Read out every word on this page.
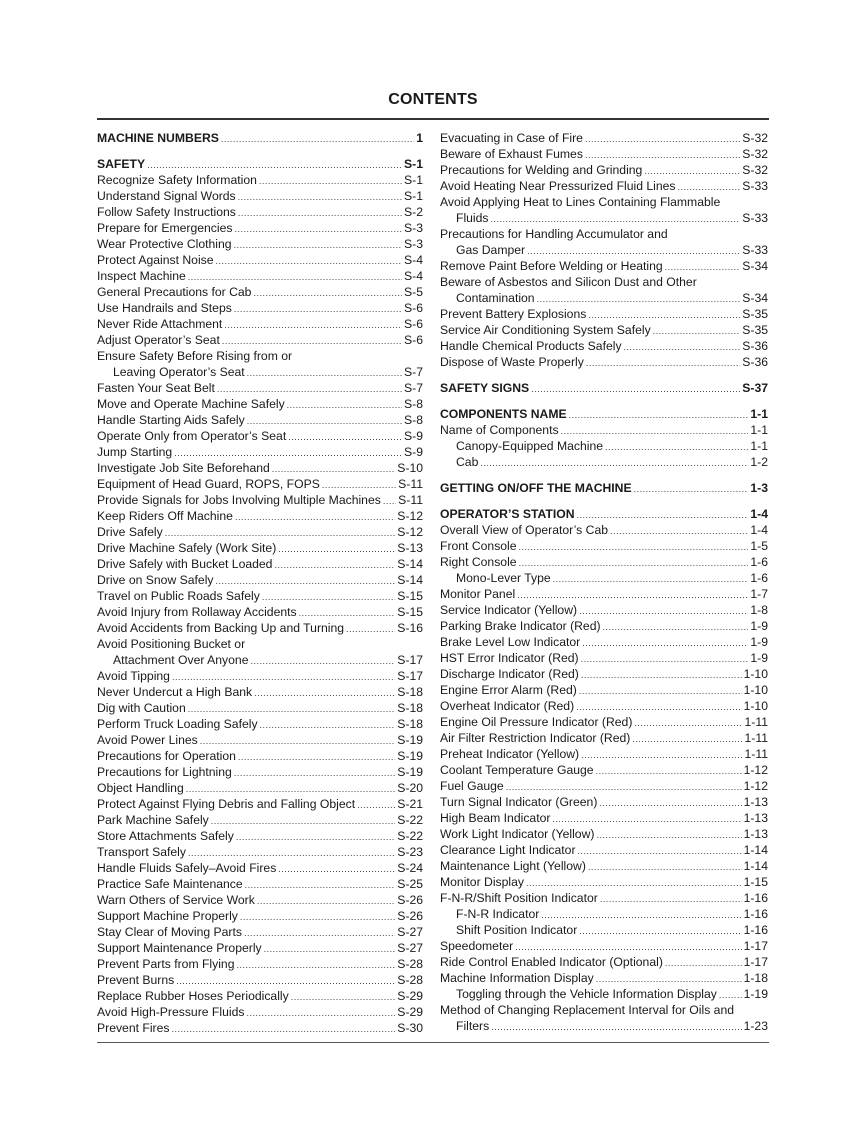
CONTENTS
MACHINE NUMBERS .....	1
SAFETY .....	S-1
Recognize Safety Information .....	S-1
Understand Signal Words .....	S-1
Follow Safety Instructions .....	S-2
Prepare for Emergencies .....	S-3
Wear Protective Clothing .....	S-3
Protect Against Noise .....	S-4
Inspect Machine .....	S-4
General Precautions for Cab .....	S-5
Use Handrails and Steps .....	S-6
Never Ride Attachment .....	S-6
Adjust Operator’s Seat .....	S-6
Ensure Safety Before Rising from or
Leaving Operator’s Seat .....	S-7
Fasten Your Seat Belt .....	S-7
Move and Operate Machine Safely .....	S-8
Handle Starting Aids Safely .....	S-8
Operate Only from Operator’s Seat .....	S-9
Jump Starting .....	S-9
Investigate Job Site Beforehand .....	S-10
Equipment of Head Guard, ROPS, FOPS .....	S-11
Provide Signals for Jobs Involving Multiple Machines ..... S-11
Keep Riders Off Machine .....	S-12
Drive Safely .....	S-12
Drive Machine Safely (Work Site) .....	S-13
Drive Safely with Bucket Loaded .....	S-14
Drive on Snow Safely .....	S-14
Travel on Public Roads Safely .....	S-15
Avoid Injury from Rollaway Accidents .....	S-15
Avoid Accidents from Backing Up and Turning .....	S-16
Avoid Positioning Bucket or
Attachment Over Anyone .....	S-17
Avoid Tipping .....	S-17
Never Undercut a High Bank .....	S-18
Dig with Caution .....	S-18
Perform Truck Loading Safely .....	S-18
Avoid Power Lines .....	S-19
Precautions for Operation .....	S-19
Precautions for Lightning .....	S-19
Object Handling .....	S-20
Protect Against Flying Debris and Falling Object .....	S-21
Park Machine Safely .....	S-22
Store Attachments Safely .....	S-22
Transport Safely .....	S-23
Handle Fluids Safely–Avoid Fires .....	S-24
Practice Safe Maintenance .....	S-25
Warn Others of Service Work .....	S-26
Support Machine Properly .....	S-26
Stay Clear of Moving Parts .....	S-27
Support Maintenance Properly .....	S-27
Prevent Parts from Flying .....	S-28
Prevent Burns .....	S-28
Replace Rubber Hoses Periodically .....	S-29
Avoid High-Pressure Fluids .....	S-29
Prevent Fires .....	S-30
Evacuating in Case of Fire .....	S-32
Beware of Exhaust Fumes .....	S-32
Precautions for Welding and Grinding .....	S-32
Avoid Heating Near Pressurized Fluid Lines .....	S-33
Avoid Applying Heat to Lines Containing Flammable
Fluids .....	S-33
Precautions for Handling Accumulator and
Gas Damper .....	S-33
Remove Paint Before Welding or Heating .....	S-34
Beware of Asbestos and Silicon Dust and Other
Contamination .....	S-34
Prevent Battery Explosions .....	S-35
Service Air Conditioning System Safely .....	S-35
Handle Chemical Products Safely .....	S-36
Dispose of Waste Properly .....	S-36
SAFETY SIGNS .....	S-37
COMPONENTS NAME .....	1-1
Name of Components .....	1-1
Canopy-Equipped Machine .....	1-1
Cab .....	1-2
GETTING ON/OFF THE MACHINE .....	1-3
OPERATOR’S STATION .....	1-4
Overall View of Operator’s Cab .....	1-4
Front Console .....	1-5
Right Console .....	1-6
Mono-Lever Type .....	1-6
Monitor Panel .....	1-7
Service Indicator (Yellow) .....	1-8
Parking Brake Indicator (Red) .....	1-9
Brake Level Low Indicator .....	1-9
HST Error Indicator (Red) .....	1-9
Discharge Indicator (Red) .....	1-10
Engine Error Alarm (Red) .....	1-10
Overheat Indicator (Red) .....	1-10
Engine Oil Pressure Indicator (Red) .....	1-11
Air Filter Restriction Indicator (Red) .....	1-11
Preheat Indicator (Yellow) .....	1-11
Coolant Temperature Gauge .....	1-12
Fuel Gauge .....	1-12
Turn Signal Indicator (Green) .....	1-13
High Beam Indicator .....	1-13
Work Light Indicator (Yellow) .....	1-13
Clearance Light Indicator .....	1-14
Maintenance Light (Yellow) .....	1-14
Monitor Display .....	1-15
F-N-R/Shift Position Indicator .....	1-16
F-N-R Indicator .....	1-16
Shift Position Indicator .....	1-16
Speedometer .....	1-17
Ride Control Enabled Indicator (Optional) .....	1-17
Machine Information Display .....	1-18
Toggling through the Vehicle Information Display ..... 1-19
Method of Changing Replacement Interval for Oils and
Filters .....	1-23
